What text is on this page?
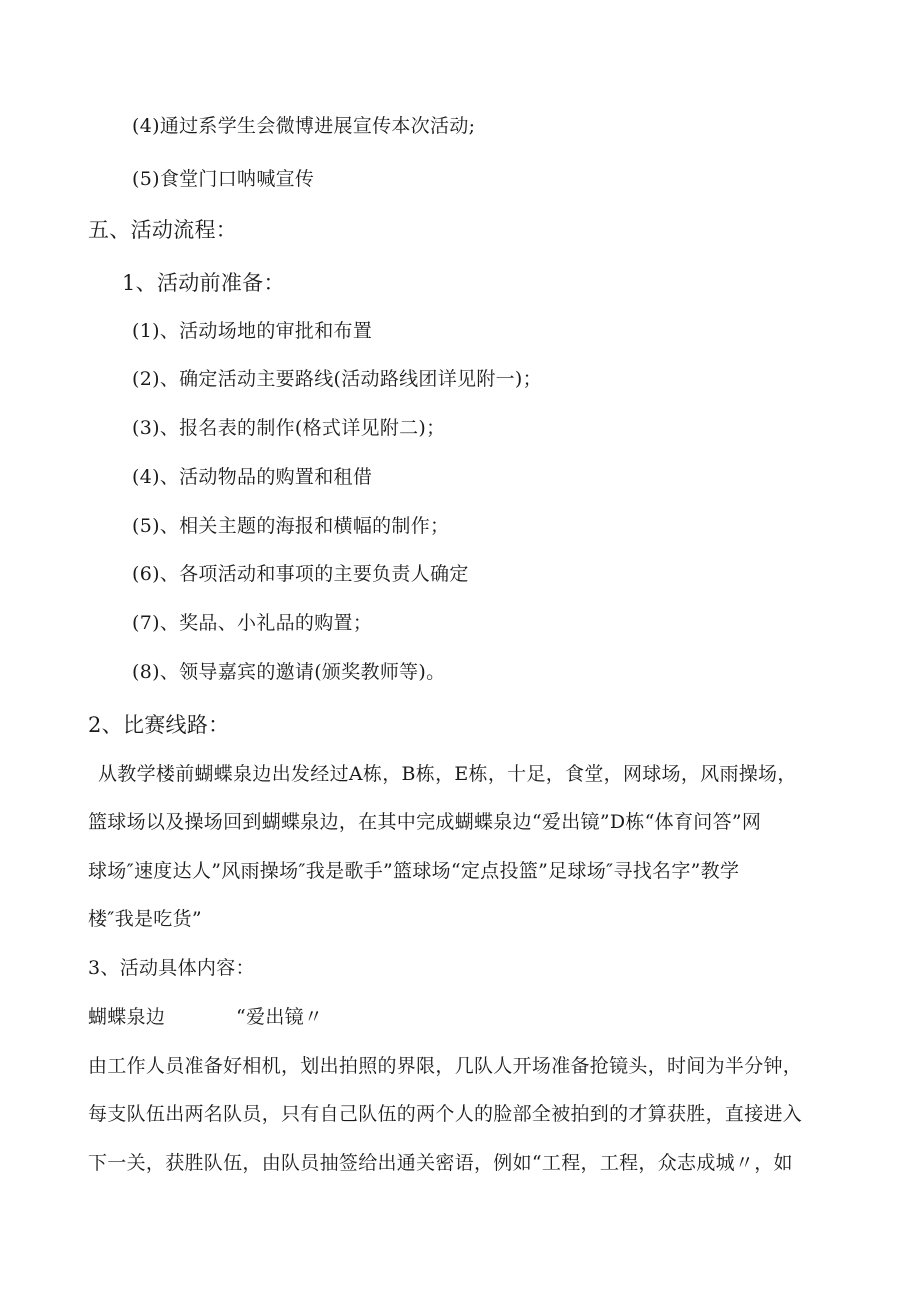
(4)通过系学生会微博进展宣传本次活动;
(5)食堂门口呐喊宣传
五、活动流程：
1、活动前准备：
(1)、活动场地的审批和布置
(2)、确定活动主要路线(活动路线团详见附一)；
(3)、报名表的制作(格式详见附二)；
(4)、活动物品的购置和租借
(5)、相关主题的海报和横幅的制作；
(6)、各项活动和事项的主要负责人确定
(7)、奖品、小礼品的购置；
(8)、领导嘉宾的邀请(颁奖教师等)。
2、比赛线路：
从教学楼前蝴蝶泉边出发经过A栋，B栋，E栋，十足，食堂，网球场，风雨操场，
篮球场以及操场回到蝴蝶泉边，在其中完成蝴蝶泉边“爱出镜”D栋“体育问答”网
球场″速度达人”风雨操场″我是歌手”篮球场“定点投篮”足球场″寻找名字”教学
楼″我是吃货”
3、活动具体内容：
蝴蝶泉边	“爱出镜〃
由工作人员准备好相机，划出拍照的界限，几队人开场准备抢镜头，时间为半分钟，
每支队伍出两名队员，只有自己队伍的两个人的脸部全被拍到的才算获胜，直接进入
下一关，获胜队伍，由队员抽签给出通关密语，例如“工程，工程，众志成城〃，如
